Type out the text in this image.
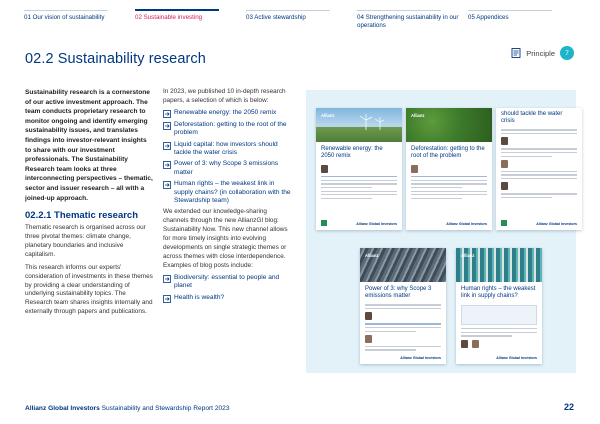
01 Our vision of sustainability	02 Sustainable investing	03 Active stewardship	04 Strengthening sustainability in our operations
05 Appendices
02.2 Sustainability research	Principle	7

Sustainability research is a cornerstone of our active investment approach. The team conducts proprietary research to monitor ongoing and identify emerging sustainability issues, and translates findings into investor-relevant insights to share with our investment professionals. The Sustainability Research team looks at three interconnecting perspectives – thematic, sector and issuer research – all with a joined-up approach.

02.2.1 Thematic research

Thematic research is organised across our three pivotal themes: climate change, planetary boundaries and inclusive capitalism.

This research informs our experts' consideration of investments in these themes by providing a clear understanding of underlying sustainability topics. The Research team shares insights internally and externally through papers and publications.

In 2023, we published 10 in-depth research papers, a selection of which is below:

Renewable energy: the 2050 remix
Deforestation: getting to the root of the problem
Liquid capital: how investors should tackle the water crisis
Power of 3: why Scope 3 emissions matter
Human rights – the weakest link in supply chains? (in collaboration with the Stewardship team)

We extended our knowledge-sharing channels through the new AllianzGI blog: Sustainability Now. This new channel allows for more timely insights into evolving developments on single strategic themes or across themes with close interdependence. Examples of blog posts include:

Biodiversity: essential to people and planet
Health is wealth?
Allianz
Renewable energy: the 2050 remix
Allianz Global Investors
Allianz
Deforestation: getting to the root of the problem
Allianz Global Investors
should tackle the water crisis
Allianz Global Investors
Allianz
Power of 3: why Scope 3 emissions matter
Allianz Global Investors
Allianz
Human rights – the weakest link in supply chains?
Allianz Global Investors
Allianz Global Investors Sustainability and Stewardship Report 2023	22
